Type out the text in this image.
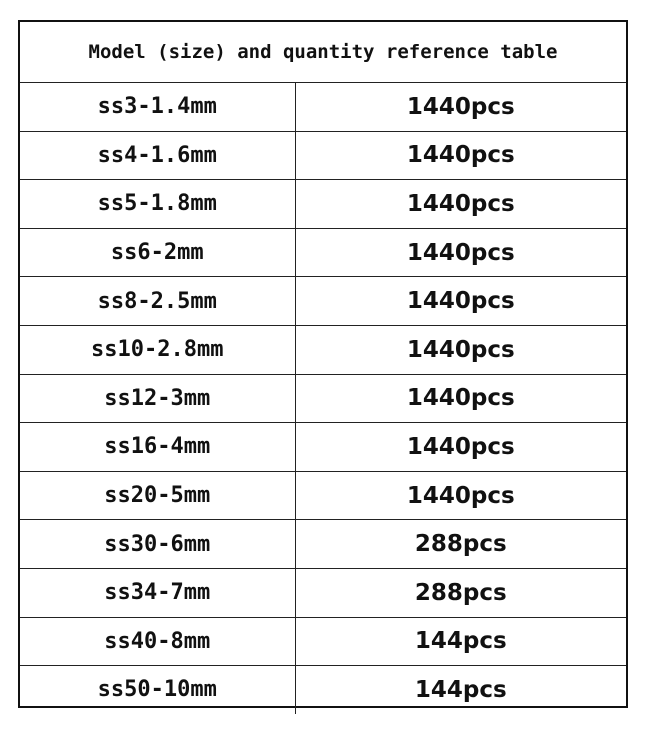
Model (size) and quantity reference table	
ss3-1.4mm	1440pcs
ss4-1.6mm	1440pcs
ss5-1.8mm	1440pcs
ss6-2mm	1440pcs
ss8-2.5mm	1440pcs
ss10-2.8mm	1440pcs
ss12-3mm	1440pcs
ss16-4mm	1440pcs
ss20-5mm	1440pcs
ss30-6mm	288pcs
ss34-7mm	288pcs
ss40-8mm	144pcs
ss50-10mm	144pcs
